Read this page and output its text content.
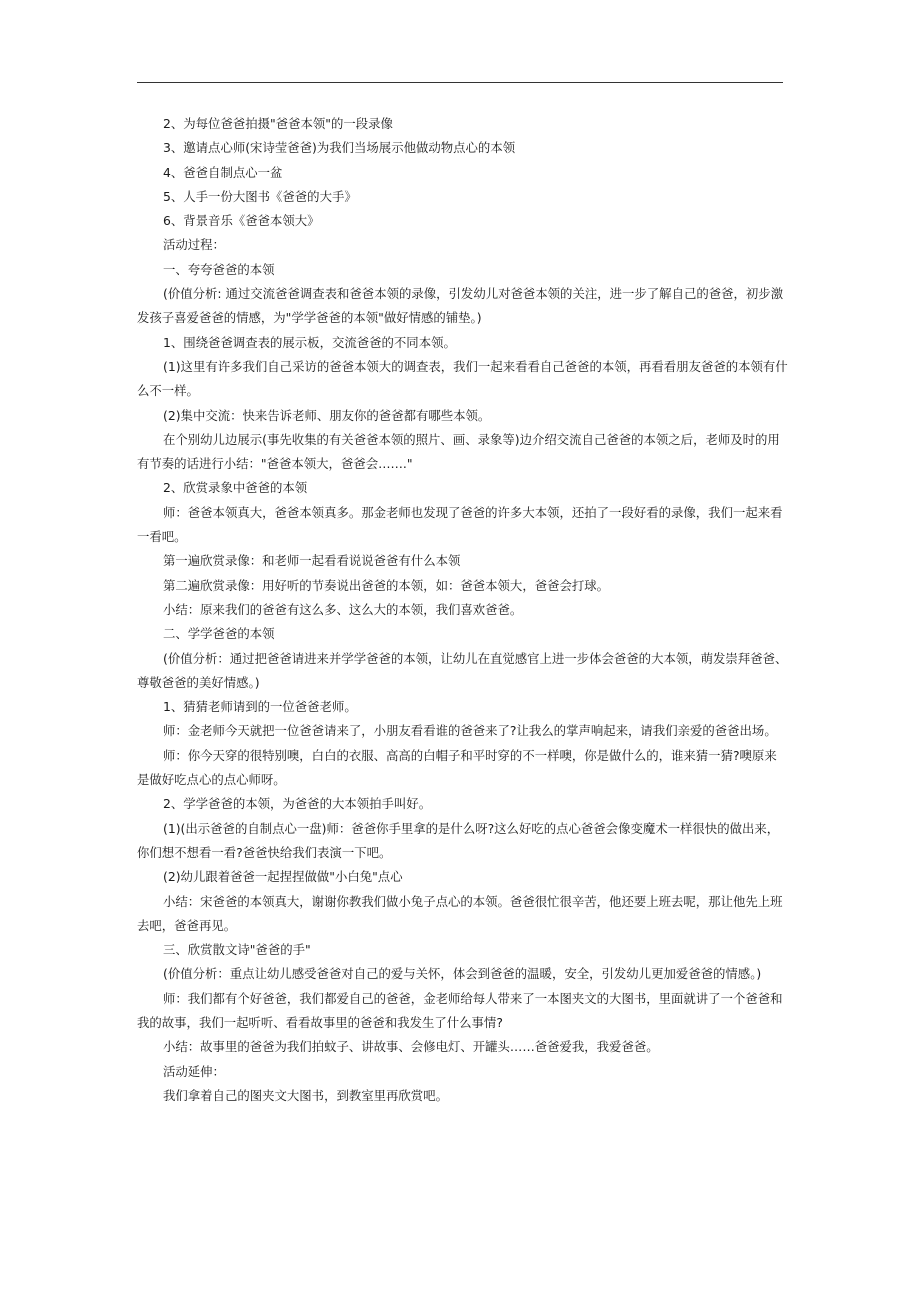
2、为每位爸爸拍摄"爸爸本领"的一段录像
3、邀请点心师(宋诗莹爸爸)为我们当场展示他做动物点心的本领
4、爸爸自制点心一盆
5、人手一份大图书《爸爸的大手》
6、背景音乐《爸爸本领大》
活动过程：
一、夸夸爸爸的本领
(价值分析: 通过交流爸爸调查表和爸爸本领的录像，引发幼儿对爸爸本领的关注，进一步了解自己的爸爸，初步激
发孩子喜爱爸爸的情感，为"学学爸爸的本领"做好情感的铺垫。)
1、围绕爸爸调查表的展示板，交流爸爸的不同本领。
(1)这里有许多我们自己采访的爸爸本领大的调查表，我们一起来看看自己爸爸的本领，再看看朋友爸爸的本领有什
么不一样。
(2)集中交流：快来告诉老师、朋友你的爸爸都有哪些本领。
在个别幼儿边展示(事先收集的有关爸爸本领的照片、画、录象等)边介绍交流自己爸爸的本领之后，老师及时的用
有节奏的话进行小结："爸爸本领大，爸爸会……."
2、欣赏录象中爸爸的本领
师：爸爸本领真大，爸爸本领真多。那金老师也发现了爸爸的许多大本领，还拍了一段好看的录像，我们一起来看
一看吧。
第一遍欣赏录像：和老师一起看看说说爸爸有什么本领
第二遍欣赏录像：用好听的节奏说出爸爸的本领，如：爸爸本领大，爸爸会打球。
小结：原来我们的爸爸有这么多、这么大的本领，我们喜欢爸爸。
二、学学爸爸的本领
(价值分析：通过把爸爸请进来并学学爸爸的本领，让幼儿在直觉感官上进一步体会爸爸的大本领，萌发崇拜爸爸、
尊敬爸爸的美好情感。)
1、猜猜老师请到的一位爸爸老师。
师：金老师今天就把一位爸爸请来了，小朋友看看谁的爸爸来了?让我么的掌声响起来，请我们亲爱的爸爸出场。
师：你今天穿的很特别噢，白白的衣服、高高的白帽子和平时穿的不一样噢，你是做什么的，谁来猜一猜?噢原来
是做好吃点心的点心师呀。
2、学学爸爸的本领，为爸爸的大本领拍手叫好。
(1)(出示爸爸的自制点心一盘)师：爸爸你手里拿的是什么呀?这么好吃的点心爸爸会像变魔术一样很快的做出来，
你们想不想看一看?爸爸快给我们表演一下吧。
(2)幼儿跟着爸爸一起捏捏做做"小白兔"点心
小结：宋爸爸的本领真大，谢谢你教我们做小兔子点心的本领。爸爸很忙很辛苦，他还要上班去呢，那让他先上班
去吧，爸爸再见。
三、欣赏散文诗"爸爸的手"
(价值分析：重点让幼儿感受爸爸对自己的爱与关怀，体会到爸爸的温暖，安全，引发幼儿更加爱爸爸的情感。)
师：我们都有个好爸爸，我们都爱自己的爸爸，金老师给每人带来了一本图夹文的大图书，里面就讲了一个爸爸和
我的故事，我们一起听听、看看故事里的爸爸和我发生了什么事情?
小结：故事里的爸爸为我们拍蚊子、讲故事、会修电灯、开罐头……爸爸爱我，我爱爸爸。
活动延伸：
我们拿着自己的图夹文大图书，到教室里再欣赏吧。
